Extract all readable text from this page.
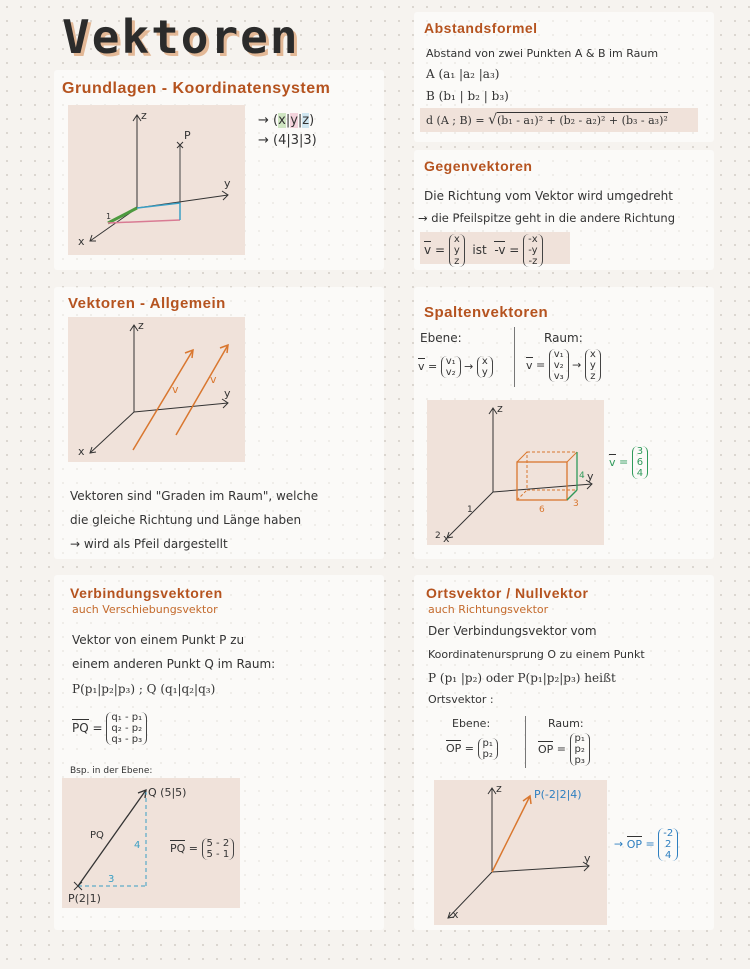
Vektoren
Grundlagen - Koordinatensystem
z
y
x
P
1
→ (x|y|z)
→ (4|3|3)
Abstandsformel
Abstand von zwei Punkten A & B im Raum
A (a₁ |a₂ |a₃)
B (b₁ | b₂ | b₃)
d (A ; B) = √(b₁ - a₁)² + (b₂ - a₂)² + (b₃ - a₃)²
Gegenvektoren
Die Richtung vom Vektor wird umgedreht
→ die Pfeilspitze geht in die andere Richtung
v =
x
y
z
ist -v =
-x
-y
-z
Vektoren - Allgemein
z
y
x
v
v
Vektoren sind "Graden im Raum", welche
die gleiche Richtung und Länge haben
→ wird als Pfeil dargestellt
Spaltenvektoren
Ebene:	Raum:
v = v₁
v₂ → x
y
v =
v₁
v₂
v₃
→
x
y
z
z
y
x
1
2
6
4
3
v =
3
6
4
Verbindungsvektoren
auch Verschiebungsvektor
Vektor von einem Punkt P zu
einem anderen Punkt Q im Raum:
P(p₁|p₂|p₃) ; Q (q₁|q₂|q₃)
PQ =
q₁ - p₁
q₂ - p₂
q₃ - p₃
Bsp. in der Ebene:
Q (5|5)
P(2|1)
PQ
3
4	PQ = 5 - 2
5 - 1
Ortsvektor / Nullvektor
auch Richtungsvektor
Der Verbindungsvektor vom
Koordinatenursprung O zu einem Punkt
P (p₁ |p₂) oder P(p₁|p₂|p₃) heißt
Ortsvektor :
Ebene:	Raum:
OP = p₁
p₂	OP =
p₁
p₂
p₃
z
y
x
P(-2|2|4)
→ OP =
-2
2
4
